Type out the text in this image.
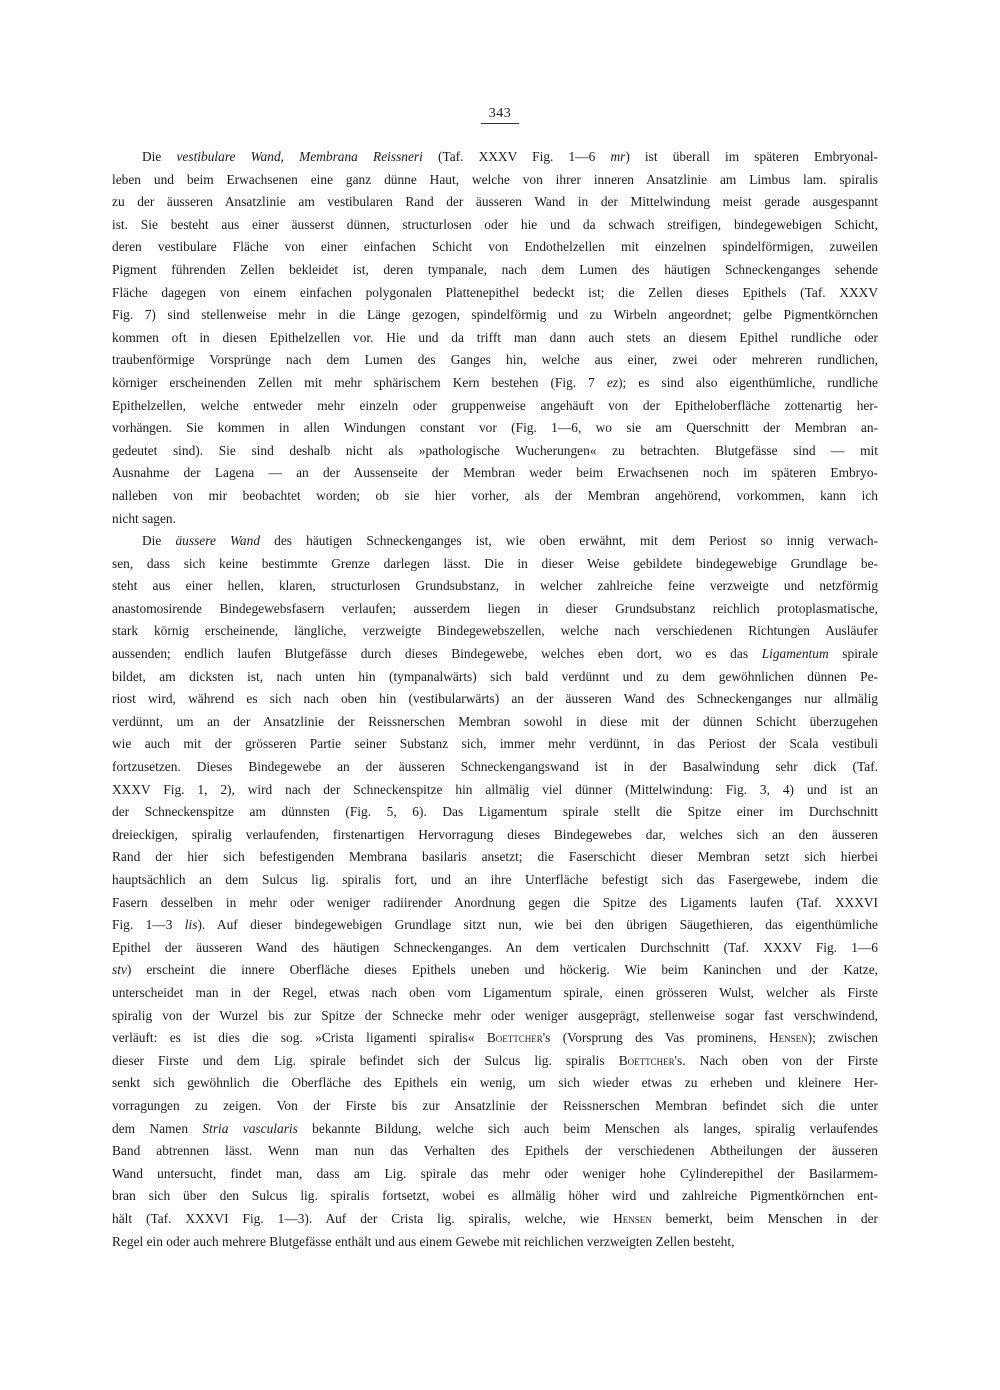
343
Die vestibulare Wand, Membrana Reissneri (Taf. XXXV Fig. 1—6 mr) ist überall im späteren Embryonal-
leben und beim Erwachsenen eine ganz dünne Haut, welche von ihrer inneren Ansatzlinie am Limbus lam. spiralis
zu der äusseren Ansatzlinie am vestibularen Rand der äusseren Wand in der Mittelwindung meist gerade ausgespannt
ist. Sie besteht aus einer äusserst dünnen, structurlosen oder hie und da schwach streifigen, bindegewebigen Schicht,
deren vestibulare Fläche von einer einfachen Schicht von Endothelzellen mit einzelnen spindelförmigen, zuweilen
Pigment führenden Zellen bekleidet ist, deren tympanale, nach dem Lumen des häutigen Schneckenganges sehende
Fläche dagegen von einem einfachen polygonalen Plattenepithel bedeckt ist; die Zellen dieses Epithels (Taf. XXXV
Fig. 7) sind stellenweise mehr in die Länge gezogen, spindelförmig und zu Wirbeln angeordnet; gelbe Pigmentkörnchen
kommen oft in diesen Epithelzellen vor. Hie und da trifft man dann auch stets an diesem Epithel rundliche oder
traubenförmige Vorsprünge nach dem Lumen des Ganges hin, welche aus einer, zwei oder mehreren rundlichen,
körniger erscheinenden Zellen mit mehr sphärischem Kern bestehen (Fig. 7 ez); es sind also eigenthümliche, rundliche
Epithelzellen, welche entweder mehr einzeln oder gruppenweise angehäuft von der Epitheloberfläche zottenartig her-
vorhängen. Sie kommen in allen Windungen constant vor (Fig. 1—6, wo sie am Querschnitt der Membran an-
gedeutet sind). Sie sind deshalb nicht als »pathologische Wucherungen« zu betrachten. Blutgefässe sind — mit
Ausnahme der Lagena — an der Aussenseite der Membran weder beim Erwachsenen noch im späteren Embryo-
nalleben von mir beobachtet worden; ob sie hier vorher, als der Membran angehörend, vorkommen, kann ich
nicht sagen.
Die äussere Wand des häutigen Schneckenganges ist, wie oben erwähnt, mit dem Periost so innig verwach-
sen, dass sich keine bestimmte Grenze darlegen lässt. Die in dieser Weise gebildete bindegewebige Grundlage be-
steht aus einer hellen, klaren, structurlosen Grundsubstanz, in welcher zahlreiche feine verzweigte und netzförmig
anastomosirende Bindegewebsfasern verlaufen; ausserdem liegen in dieser Grundsubstanz reichlich protoplasmatische,
stark körnig erscheinende, längliche, verzweigte Bindegewebszellen, welche nach verschiedenen Richtungen Ausläufer
aussenden; endlich laufen Blutgefässe durch dieses Bindegewebe, welches eben dort, wo es das Ligamentum spirale
bildet, am dicksten ist, nach unten hin (tympanalwärts) sich bald verdünnt und zu dem gewöhnlichen dünnen Pe-
riost wird, während es sich nach oben hin (vestibularwärts) an der äusseren Wand des Schneckenganges nur allmälig
verdünnt, um an der Ansatzlinie der Reissnerschen Membran sowohl in diese mit der dünnen Schicht überzugehen
wie auch mit der grösseren Partie seiner Substanz sich, immer mehr verdünnt, in das Periost der Scala vestibuli
fortzusetzen. Dieses Bindegewebe an der äusseren Schneckengangswand ist in der Basalwindung sehr dick (Taf.
XXXV Fig. 1, 2), wird nach der Schneckenspitze hin allmälig viel dünner (Mittelwindung: Fig. 3, 4) und ist an
der Schneckenspitze am dünnsten (Fig. 5, 6). Das Ligamentum spirale stellt die Spitze einer im Durchschnitt
dreieckigen, spiralig verlaufenden, firstenartigen Hervorragung dieses Bindegewebes dar, welches sich an den äusseren
Rand der hier sich befestigenden Membrana basilaris ansetzt; die Faserschicht dieser Membran setzt sich hierbei
hauptsächlich an dem Sulcus lig. spiralis fort, und an ihre Unterfläche befestigt sich das Fasergewebe, indem die
Fasern desselben in mehr oder weniger radiirender Anordnung gegen die Spitze des Ligaments laufen (Taf. XXXVI
Fig. 1—3 lis). Auf dieser bindegewebigen Grundlage sitzt nun, wie bei den übrigen Säugethieren, das eigenthümliche
Epithel der äusseren Wand des häutigen Schneckenganges. An dem verticalen Durchschnitt (Taf. XXXV Fig. 1—6
stv) erscheint die innere Oberfläche dieses Epithels uneben und höckerig. Wie beim Kaninchen und der Katze,
unterscheidet man in der Regel, etwas nach oben vom Ligamentum spirale, einen grösseren Wulst, welcher als Firste
spiralig von der Wurzel bis zur Spitze der Schnecke mehr oder weniger ausgeprägt, stellenweise sogar fast verschwindend,
verläuft: es ist dies die sog. »Crista ligamenti spiralis« Boettcher's (Vorsprung des Vas prominens, Hensen); zwischen
dieser Firste und dem Lig. spirale befindet sich der Sulcus lig. spiralis Boettcher's. Nach oben von der Firste
senkt sich gewöhnlich die Oberfläche des Epithels ein wenig, um sich wieder etwas zu erheben und kleinere Her-
vorragungen zu zeigen. Von der Firste bis zur Ansatzlinie der Reissnerschen Membran befindet sich die unter
dem Namen Stria vascularis bekannte Bildung, welche sich auch beim Menschen als langes, spiralig verlaufendes
Band abtrennen lässt. Wenn man nun das Verhalten des Epithels der verschiedenen Abtheilungen der äusseren
Wand untersucht, findet man, dass am Lig. spirale das mehr oder weniger hohe Cylinderepithel der Basilarmem-
bran sich über den Sulcus lig. spiralis fortsetzt, wobei es allmälig höher wird und zahlreiche Pigmentkörnchen ent-
hält (Taf. XXXVI Fig. 1—3). Auf der Crista lig. spiralis, welche, wie Hensen bemerkt, beim Menschen in der
Regel ein oder auch mehrere Blutgefässe enthält und aus einem Gewebe mit reichlichen verzweigten Zellen besteht,
